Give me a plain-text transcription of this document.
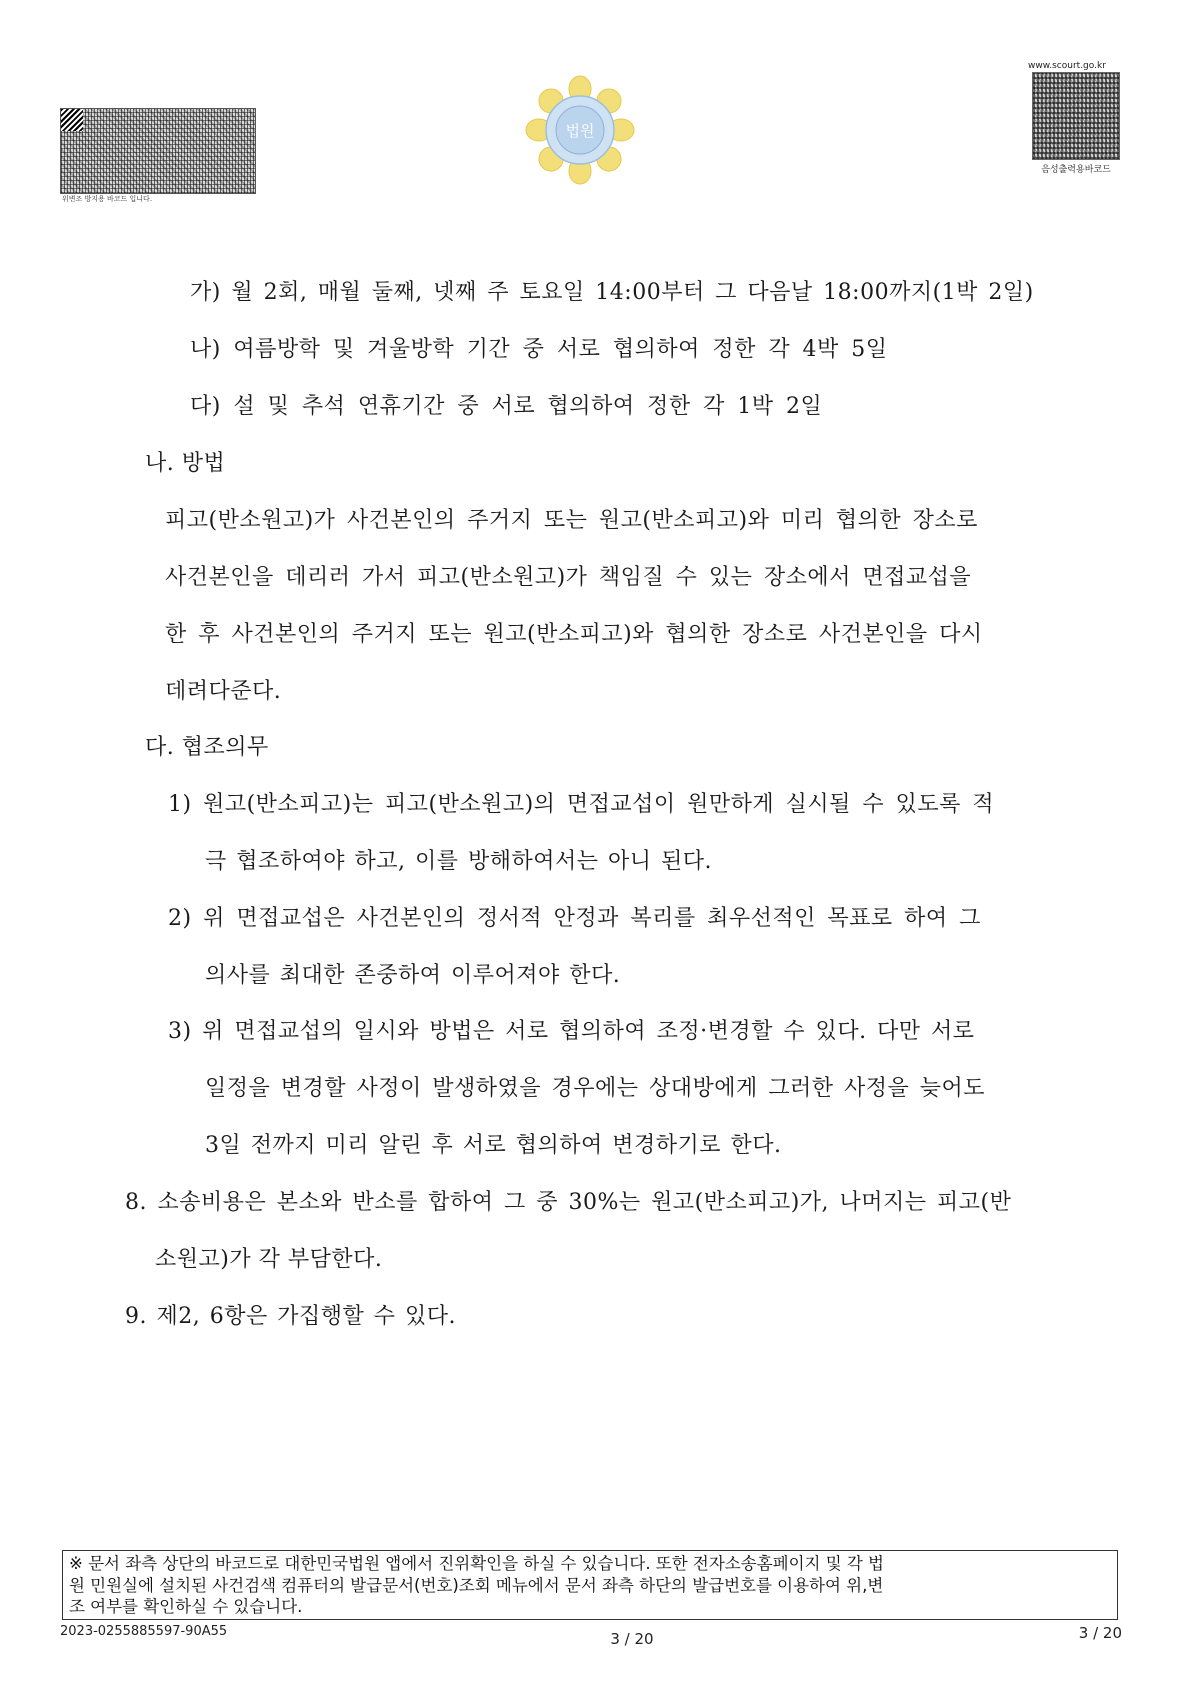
위변조 방지용 바코드 입니다.
법원
www.scourt.go.kr
음성출력용바코드
가) 월 2회, 매월 둘째, 넷째 주 토요일 14:00부터 그 다음날 18:00까지(1박 2일)
나) 여름방학 및 겨울방학 기간 중 서로 협의하여 정한 각 4박 5일
다) 설 및 추석 연휴기간 중 서로 협의하여 정한 각 1박 2일
나. 방법
피고(반소원고)가 사건본인의 주거지 또는 원고(반소피고)와 미리 협의한 장소로
사건본인을 데리러 가서 피고(반소원고)가 책임질 수 있는 장소에서 면접교섭을
한 후 사건본인의 주거지 또는 원고(반소피고)와 협의한 장소로 사건본인을 다시
데려다준다.
다. 협조의무
1) 원고(반소피고)는 피고(반소원고)의 면접교섭이 원만하게 실시될 수 있도록 적
극 협조하여야 하고, 이를 방해하여서는 아니 된다.
2) 위 면접교섭은 사건본인의 정서적 안정과 복리를 최우선적인 목표로 하여 그
의사를 최대한 존중하여 이루어져야 한다.
3) 위 면접교섭의 일시와 방법은 서로 협의하여 조정·변경할 수 있다. 다만 서로
일정을 변경할 사정이 발생하였을 경우에는 상대방에게 그러한 사정을 늦어도
3일 전까지 미리 알린 후 서로 협의하여 변경하기로 한다.
8. 소송비용은 본소와 반소를 합하여 그 중 30%는 원고(반소피고)가, 나머지는 피고(반
소원고)가 각 부담한다.
9. 제2, 6항은 가집행할 수 있다.
※ 문서 좌측 상단의 바코드로 대한민국법원 앱에서 진위확인을 하실 수 있습니다. 또한 전자소송홈페이지 및 각 법
원 민원실에 설치된 사건검색 컴퓨터의 발급문서(번호)조회 메뉴에서 문서 좌측 하단의 발급번호를 이용하여 위,변
조 여부를 확인하실 수 있습니다.
2023-0255885597-90A55	3 / 20	3 / 20
